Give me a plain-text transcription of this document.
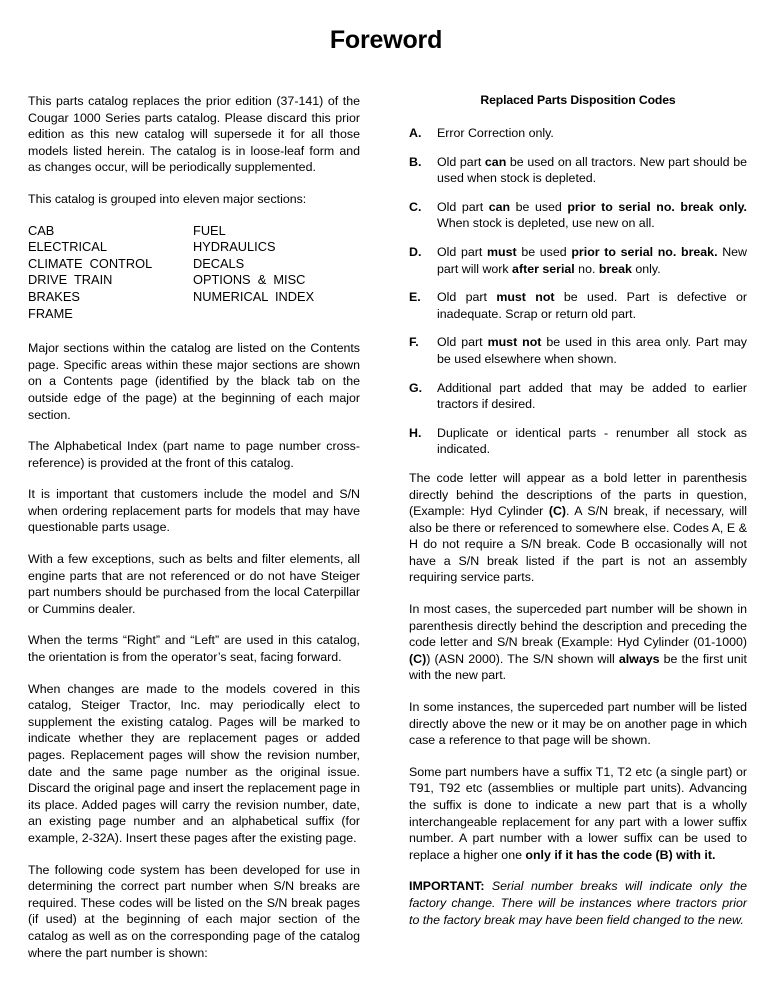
Foreword

This parts catalog replaces the prior edition (37-141) of the Cougar 1000 Series parts catalog. Please discard this prior edition as this new catalog will supersede it for all those models listed herein. The catalog is in loose-leaf form and as changes occur, will be periodically supplemented.

This catalog is grouped into eleven major sections:

CAB	FUEL
ELECTRICAL	HYDRAULICS
CLIMATE  CONTROL	DECALS
DRIVE  TRAIN	OPTIONS  &  MISC
BRAKES	NUMERICAL  INDEX
FRAME	

Major sections within the catalog are listed on the Contents page. Specific areas within these major sections are shown on a Contents page (identified by the black tab on the outside edge of the page) at the beginning of each major section.

The Alphabetical Index (part name to page number cross-reference) is provided at the front of this catalog.

It is important that customers include the model and S/N when ordering replacement parts for models that may have questionable parts usage.

With a few exceptions, such as belts and filter elements, all engine parts that are not referenced or do not have Steiger part numbers should be purchased from the local Caterpillar or Cummins dealer.

When the terms “Right” and “Left” are used in this catalog, the orientation is from the operator’s seat, facing forward.

When changes are made to the models covered in this catalog, Steiger Tractor, Inc. may periodically elect to supplement the existing catalog. Pages will be marked to indicate whether they are replacement pages or added pages. Replacement pages will show the revision number, date and the same page number as the original issue. Discard the original page and insert the replacement page in its place. Added pages will carry the revision number, date, an existing page number and an alphabetical suffix (for example, 2-32A). Insert these pages after the existing page.

The following code system has been developed for use in determining the correct part number when S/N breaks are required. These codes will be listed on the S/N break pages (if used) at the beginning of each major section of the catalog as well as on the corresponding page of the catalog where the part number is shown:

Replaced Parts Disposition Codes
A.	Error Correction only.
B.	Old part can be used on all tractors. New part should be used when stock is depleted.
C.	Old part can be used prior to serial no. break only. When stock is depleted, use new on all.
D.	Old part must be used prior to serial no. break. New part will work after serial no. break only.
E.	Old part must not be used. Part is defective or inadequate. Scrap or return old part.
F.	Old part must not be used in this area only. Part may be used elsewhere when shown.
G.	Additional part added that may be added to earlier tractors if desired.
H.	Duplicate or identical parts - renumber all stock as indicated.

The code letter will appear as a bold letter in parenthesis directly behind the descriptions of the parts in question, (Example: Hyd Cylinder (C). A S/N break, if necessary, will also be there or referenced to somewhere else. Codes A, E & H do not require a S/N break. Code B occasionally will not have a S/N break listed if the part is not an assembly requiring service parts.

In most cases, the superceded part number will be shown in parenthesis directly behind the description and preceding the code letter and S/N break (Example: Hyd Cylinder (01-1000) (C)) (ASN 2000). The S/N shown will always be the first unit with the new part.

In some instances, the superceded part number will be listed directly above the new or it may be on another page in which case a reference to that page will be shown.

Some part numbers have a suffix T1, T2 etc (a single part) or T91, T92 etc (assemblies or multiple part units). Advancing the suffix is done to indicate a new part that is a wholly interchangeable replacement for any part with a lower suffix number. A part number with a lower suffix can be used to replace a higher one only if it has the code (B) with it.

IMPORTANT: Serial number breaks will indicate only the factory change. There will be instances where tractors prior to the factory break may have been field changed to the new.
